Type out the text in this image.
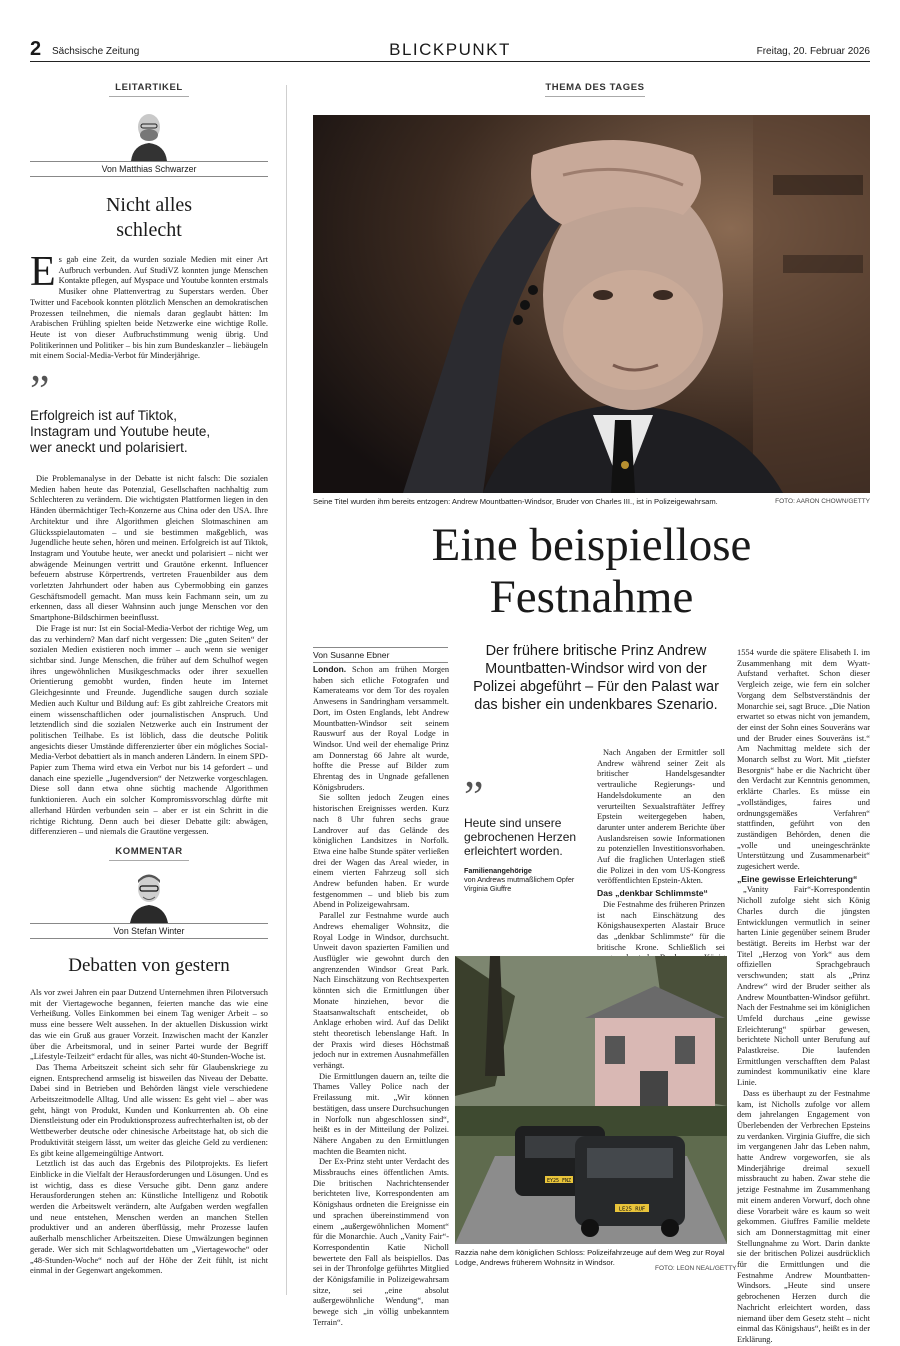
2 Sächsische Zeitung	BLICKPUNKT	Freitag, 20. Februar 2026
LEITARTIKEL
Von Matthias Schwarzer
Nicht alles
schlecht
Es gab eine Zeit, da wurden soziale Medien mit einer Art Aufbruch verbunden. Auf StudiVZ konnten junge Menschen Kontakte pflegen, auf Myspace und Youtube konnten erstmals Musiker ohne Plattenvertrag zu Superstars werden. Über Twitter und Facebook konnten plötzlich Menschen an demokratischen Prozessen teilnehmen, die niemals daran geglaubt hätten: Im Arabischen Frühling spielten beide Netzwerke eine wichtige Rolle. Heute ist von dieser Aufbruchstimmung wenig übrig. Und Politikerinnen und Politiker – bis hin zum Bundeskanzler – liebäugeln mit einem Social-Media-Verbot für Minderjährige.
”
Erfolgreich ist auf Tiktok, Instagram und Youtube heute, wer aneckt und polarisiert.

Die Problemanalyse in der Debatte ist nicht falsch: Die sozialen Medien haben heute das Potenzial, Gesellschaften nachhaltig zum Schlechteren zu verändern. Die wichtigsten Plattformen liegen in den Händen übermächtiger Tech-Konzerne aus China oder den USA. Ihre Architektur und ihre Algorithmen gleichen Slotmaschinen am Glücksspielautomaten – und sie bestimmen maßgeblich, was Jugendliche heute sehen, hören und meinen. Erfolgreich ist auf Tiktok, Instagram und Youtube heute, wer aneckt und polarisiert – nicht wer abwägende Meinungen vertritt und Grautöne erkennt. Influencer befeuern abstruse Körpertrends, vertreten Frauenbilder aus dem vorletzten Jahrhundert oder haben aus Cybermobbing ein ganzes Geschäftsmodell gemacht. Man muss kein Fachmann sein, um zu erkennen, dass all dieser Wahnsinn auch junge Menschen vor den Smartphone-Bildschirmen beeinflusst.

Die Frage ist nur: Ist ein Social-Media-Verbot der richtige Weg, um das zu verhindern? Man darf nicht vergessen: Die „guten Seiten“ der sozialen Medien existieren noch immer – auch wenn sie weniger sichtbar sind. Junge Menschen, die früher auf dem Schulhof wegen ihres ungewöhnlichen Musikgeschmacks oder ihrer sexuellen Orientierung gemobbt wurden, finden heute im Internet Gleichgesinnte und Freunde. Jugendliche saugen durch soziale Medien auch Kultur und Bildung auf: Es gibt zahlreiche Creators mit einem wissenschaftlichen oder journalistischen Anspruch. Und letztendlich sind die sozialen Netzwerke auch ein Instrument der politischen Teilhabe. Es ist löblich, dass die deutsche Politik angesichts dieser Umstände differenzierter über ein mögliches Social-Media-Verbot debattiert als in manch anderen Ländern. In einem SPD-Papier zum Thema wird etwa ein Verbot nur bis 14 gefordert – und danach eine spezielle „Jugendversion“ der Netzwerke vorgeschlagen. Diese soll dann etwa ohne süchtig machende Algorithmen funktionieren. Auch ein solcher Kompromissvorschlag dürfte mit allerhand Hürden verbunden sein – aber er ist ein Schritt in die richtige Richtung. Denn auch bei dieser Debatte gilt: abwägen, differenzieren – und niemals die Grautöne vergessen.

KOMMENTAR
Von Stefan Winter
Debatten von gestern

Als vor zwei Jahren ein paar Dutzend Unternehmen ihren Pilotversuch mit der Viertagewoche begannen, feierten manche das wie eine Verheißung. Volles Einkommen bei einem Tag weniger Arbeit – so muss eine bessere Welt aussehen. In der aktuellen Diskussion wirkt das wie ein Gruß aus grauer Vorzeit. Inzwischen macht der Kanzler über die Arbeitsmoral, und in seiner Partei wurde der Begriff „Lifestyle-Teilzeit“ erdacht für alles, was nicht 40-Stunden-Woche ist.

Das Thema Arbeitszeit scheint sich sehr für Glaubenskriege zu eignen. Entsprechend armselig ist bisweilen das Niveau der Debatte. Dabei sind in Betrieben und Behörden längst viele verschiedene Arbeitszeitmodelle Alltag. Und alle wissen: Es geht viel – aber was geht, hängt von Produkt, Kunden und Konkurrenten ab. Ob eine Dienstleistung oder ein Produktionsprozess aufrechterhalten ist, ob der Wettbewerber deutsche oder chinesische Arbeitstage hat, ob sich die Produktivität steigern lässt, um weiter das gleiche Geld zu verdienen: Es gibt keine allgemeingültige Antwort.

Letztlich ist das auch das Ergebnis des Pilotprojekts. Es liefert Einblicke in die Vielfalt der Herausforderungen und Lösungen. Und es ist wichtig, dass es diese Versuche gibt. Denn ganz andere Herausforderungen stehen an: Künstliche Intelligenz und Robotik werden die Arbeitswelt verändern, alte Aufgaben werden wegfallen und neue entstehen, Menschen werden an manchen Stellen produktiver und an anderen überflüssig, mehr Prozesse laufen außerhalb menschlicher Arbeitszeiten. Diese Umwälzungen beginnen gerade. Wer sich mit Schlagwortdebatten um „Viertagewoche“ oder „48-Stunden-Woche“ noch auf der Höhe der Zeit fühlt, ist nicht einmal in der Gegenwart angekommen.

THEMA DES TAGES
Seine Titel wurden ihm bereits entzogen: Andrew Mountbatten-Windsor, Bruder von Charles III., ist in Polizeigewahrsam.	FOTO: AARON CHOWN/GETTY
Eine beispiellose
Festnahme
Von Susanne Ebner	Der frühere britische Prinz Andrew Mountbatten-Windsor wird von der Polizei abgeführt – Für den Palast war das bisher ein undenkbares Szenario.

London. Schon am frühen Morgen haben sich etliche Fotografen und Kamerateams vor dem Tor des royalen Anwesens in Sandringham versammelt. Dort, im Osten Englands, lebt Andrew Mountbatten-Windsor seit seinem Rauswurf aus der Royal Lodge in Windsor. Und weil der ehemalige Prinz am Donnerstag 66 Jahre alt wurde, hoffte die Presse auf Bilder zum Ehrentag des in Ungnade gefallenen Königsbruders.

Sie sollten jedoch Zeugen eines historischen Ereignisses werden. Kurz nach 8 Uhr fuhren sechs graue Landrover auf das Gelände des königlichen Landsitzes in Norfolk. Etwa eine halbe Stunde später verließen drei der Wagen das Areal wieder, in einem vierten Fahrzeug soll sich Andrew befunden haben. Er wurde festgenommen – und blieb bis zum Abend in Polizeigewahrsam.

Parallel zur Festnahme wurde auch Andrews ehemaliger Wohnsitz, die Royal Lodge in Windsor, durchsucht. Unweit davon spazierten Familien und Ausflügler wie gewohnt durch den angrenzenden Windsor Great Park. Nach Einschätzung von Rechtsexperten könnten sich die Ermittlungen über Monate hinziehen, bevor die Staatsanwaltschaft entscheidet, ob Anklage erhoben wird. Auf das Delikt steht theoretisch lebenslange Haft. In der Praxis wird dieses Höchstmaß jedoch nur in extremen Ausnahmefällen verhängt.

Die Ermittlungen dauern an, teilte die Thames Valley Police nach der Freilassung mit. „Wir können bestätigen, dass unsere Durchsuchungen in Norfolk nun abgeschlossen sind“, heißt es in der Mitteilung der Polizei. Nähere Angaben zu den Ermittlungen machten die Beamten nicht.

Der Ex-Prinz steht unter Verdacht des Missbrauchs eines öffentlichen Amts. Die britischen Nachrichtensender berichteten live, Korrespondenten am Königshaus ordneten die Ereignisse ein und sprachen übereinstimmend von einem „außergewöhnlichen Moment“ für die Monarchie. Auch „Vanity Fair“-Korrespondentin Katie Nicholl bewertete den Fall als beispiellos. Das sei in der Thronfolge geführtes Mitglied der Königsfamilie in Polizeigewahrsam sitze, sei „eine absolut außergewöhnliche Wendung“, man bewege sich „in völlig unbekanntem Terrain“.

”
Heute sind unsere gebrochenen Herzen erleichtert worden.
Familienangehörige
von Andrews mutmaßlichem Opfer Virginia Giuffre

Nach Angaben der Ermittler soll Andrew während seiner Zeit als britischer Handelsgesandter vertrauliche Regierungs- und Handelsdokumente an den verurteilten Sexualstraftäter Jeffrey Epstein weitergegeben haben, darunter unter anderem Berichte über Auslandsreisen sowie Informationen zu potenziellen Investitionsvorhaben. Auf die fraglichen Unterlagen stieß die Polizei in den vom US-Kongress veröffentlichten Epstein-Akten.

Das „denkbar Schlimmste“

Die Festnahme des früheren Prinzen ist nach Einschätzung des Königshausexperten Alastair Bruce das „denkbar Schlimmste“ für die britische Krone. Schließlich sei

1554 wurde die spätere Elisabeth I. im Zusammenhang mit dem Wyatt-Aufstand verhaftet. Schon dieser Vergleich zeige, wie fern ein solcher Vorgang dem Selbstverständnis der Monarchie sei, sagt Bruce. „Die Nation erwartet so etwas nicht von jemandem, der einst der Sohn eines Souveräns war und der Bruder eines Souveräns ist.“ Am Nachmittag meldete sich der Monarch selbst zu Wort. Mit „tiefster Besorgnis“ habe er die Nachricht über den Verdacht zur Kenntnis genommen, erklärte Charles. Es müsse ein „vollständiges, faires und ordnungsgemäßes Verfahren“ stattfinden, geführt von den zuständigen Behörden, denen die „volle und uneingeschränkte Unterstützung und Zusammenarbeit“ zugesichert werde.

„Eine gewisse Erleichterung“

„Vanity Fair“-Korrespondentin Nicholl zufolge sieht sich König Charles durch die jüngsten Entwicklungen vermutlich in seiner harten Linie gegenüber seinem Bruder bestätigt. Bereits im Herbst war der Titel „Herzog von York“ aus dem offiziellen Sprachgebrauch verschwunden; statt als „Prinz Andrew“ wird der Bruder seither als Andrew Mountbatten-Windsor geführt. Nach der Festnahme sei im königlichen Umfeld durchaus „eine gewisse Erleichterung“ spürbar gewesen, berichtete Nicholl unter Berufung auf Palastkreise. Die laufenden Ermittlungen verschafften dem Palast zumindest kommunikativ eine klare Linie.

Dass es überhaupt zu der Festnahme kam, ist Nicholls zufolge vor allem dem jahrelangen Engagement von Überlebenden der Verbrechen Epsteins zu verdanken. Virginia Giuffre, die sich im vergangenen Jahr das Leben nahm, hatte Andrew vorgeworfen, sie als Minderjährige dreimal sexuell missbraucht zu haben. Zwar stehe die jetzige Festnahme im Zusammenhang mit einem anderen Vorwurf, doch ohne diese Vorarbeit wäre es kaum so weit gekommen. Giuffres Familie meldete sich am Donnerstagmittag mit einer Stellungnahme zu Wort. Darin dankte sie der britischen Polizei ausdrücklich für die Ermittlungen und die Festnahme Andrew Mountbatten-Windsors. „Heute sind unsere gebrochenen Herzen durch die Nachricht erleichtert worden, dass niemand über dem Gesetz steht – nicht einmal das Königshaus“, heißt es in der Erklärung.

EY25 FNZ
LE25 RUF
Razzia nahe dem königlichen Schloss: Polizeifahrzeuge auf dem Weg zur Royal Lodge, Andrews früherem Wohnsitz in Windsor.
FOTO: LEON NEAL/GETTY
